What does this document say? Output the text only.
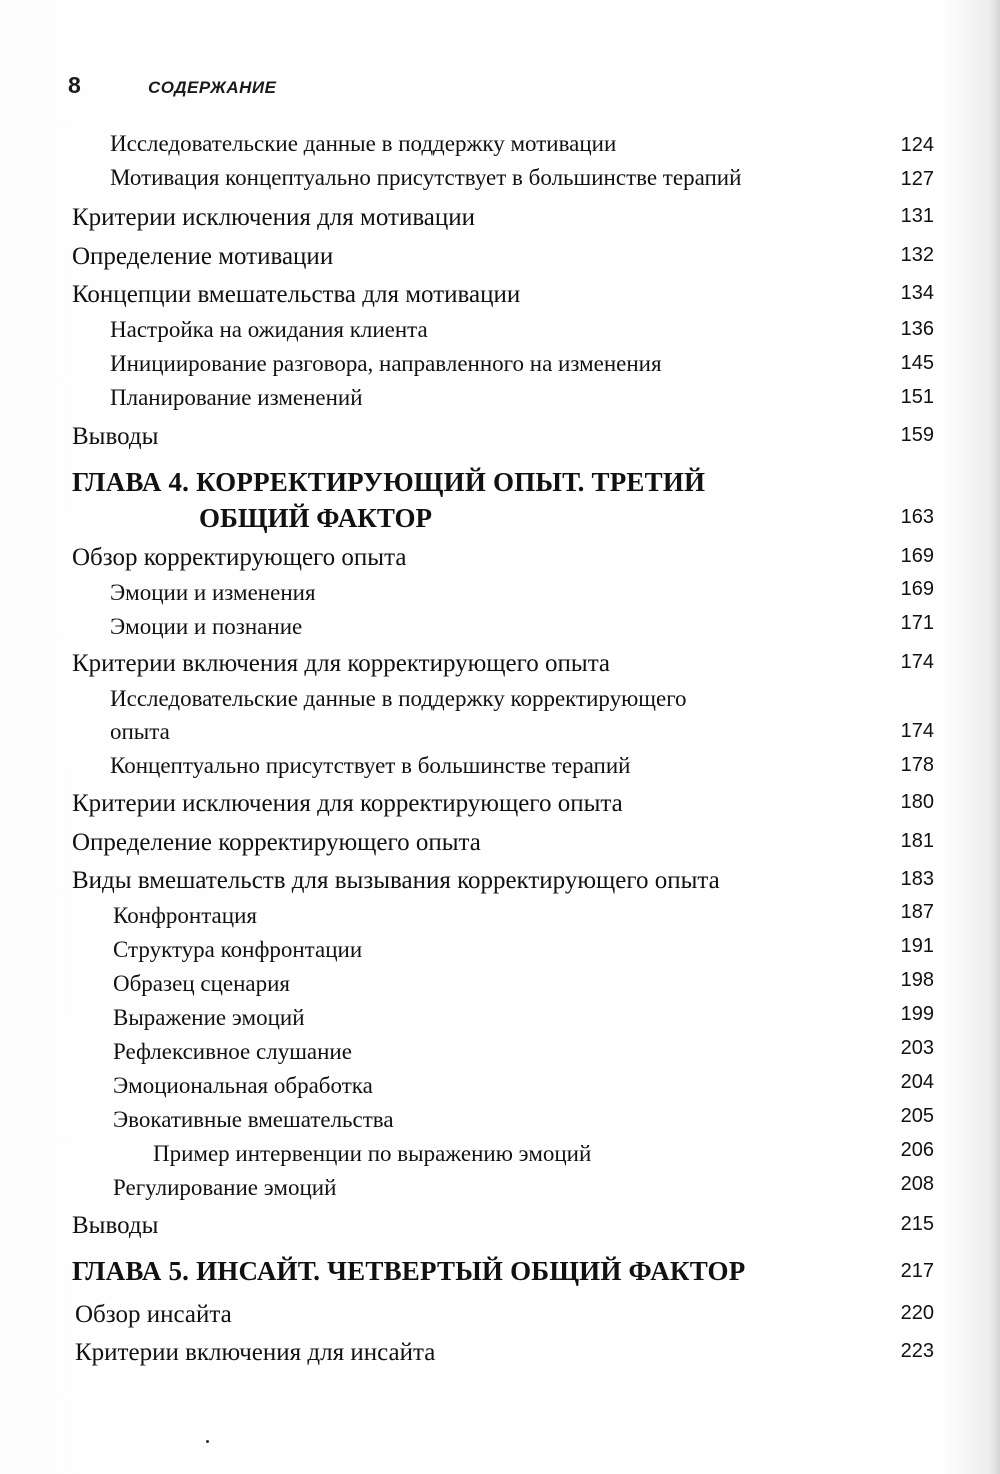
8	СОДЕРЖАНИЕ
Исследовательские данные в поддержку мотивации	124
Мотивация концептуально присутствует в большинстве терапий	127
Критерии исключения для мотивации	131
Определение мотивации	132
Концепции вмешательства для мотивации	134
Настройка на ожидания клиента	136
Инициирование разговора, направленного на изменения	145
Планирование изменений	151
Выводы	159
ГЛАВА 4. КОРРЕКТИРУЮЩИЙ ОПЫТ. ТРЕТИЙ
ОБЩИЙ ФАКТОР	163
Обзор корректирующего опыта	169
Эмоции и изменения	169
Эмоции и познание	171
Критерии включения для корректирующего опыта	174
Исследовательские данные в поддержку корректирующего
опыта	174
Концептуально присутствует в большинстве терапий	178
Критерии исключения для корректирующего опыта	180
Определение корректирующего опыта	181
Виды вмешательств для вызывания корректирующего опыта	183
Конфронтация	187
Структура конфронтации	191
Образец сценария	198
Выражение эмоций	199
Рефлексивное слушание	203
Эмоциональная обработка	204
Эвокативные вмешательства	205
Пример интервенции по выражению эмоций	206
Регулирование эмоций	208
Выводы	215
ГЛАВА 5. ИНСАЙТ. ЧЕТВЕРТЫЙ ОБЩИЙ ФАКТОР	217
Обзор инсайта	220
Критерии включения для инсайта	223
